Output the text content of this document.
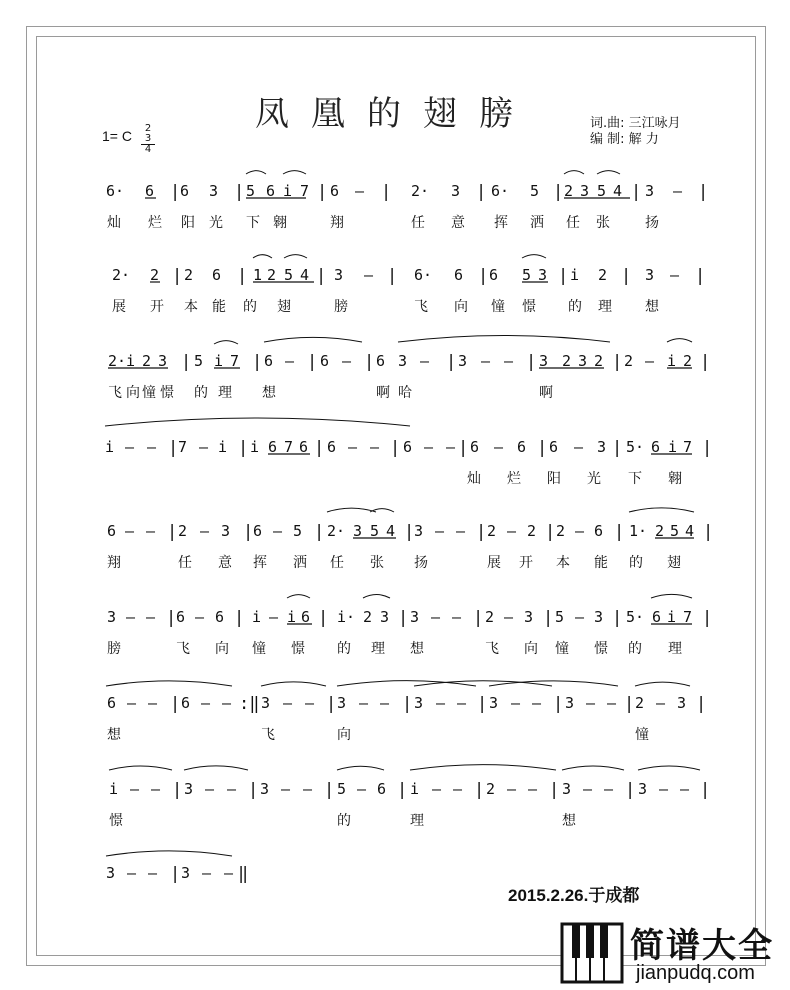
凤凰的翅膀	词.曲: 三江咏月
编 制: 解 力
1= C	2 3
4
6· 6 | 6 3 | 5 6 i 7 | 6 – | 2· 3 | 6· 5 | 2 3 5 4 | 3 – |
灿 烂 阳 光 下 翱	翔	任 意 挥 洒 任 张	扬
2· 2 | 2 6 | 1 2 5 4 | 3 – | 6· 6 | 6 5 3 | i 2 | 3 – |
展 开 本 能 的 翅	膀	飞 向 憧 憬 的 理 想
2· i 2 3 | 5 i 7 | 6 – | 6 – | 6 3 – | 3 – – | 3 2 3 2 | 2 – i 2 |
飞 向 憧 憬 的 理 想	啊 哈	啊
i – – | 7 – i | i 6 7 6 | 6 – – | 6 – – | 6 – 6 | 6 – 3 | 5· 6 i 7 |
灿 烂 阳 光 下 翱
6 – – | 2 – 3 | 6 – 5 | 2· 3 5 4 | 3 – – | 2 – 2 | 2 – 6 | 1· 2 5 4 |
翔	任 意 挥 洒 任 张 扬	展 开 本 能 的 翅
3 – – | 6 – 6 | i – i 6 | i· 2 3 | 3 – – | 2 – 3 | 5 – 3 | 5· 6 i 7 |
膀	飞 向 憧 憬 的 理 想	飞 向 憧 憬 的 理
6 – – | 6 – – :‖ 3 – – | 3 – – | 3 – – | 3 – – | 3 – – | 2 – 3 |
想	飞	向	憧
i – – | 3 – – | 3 – – | 5 – 6 | i – – | 2 – – | 3 – – | 3 – – |
憬	的	理	想
3 – – | 3 – – ‖
2015.2.26.于成都
简谱大全
jianpudq.com
